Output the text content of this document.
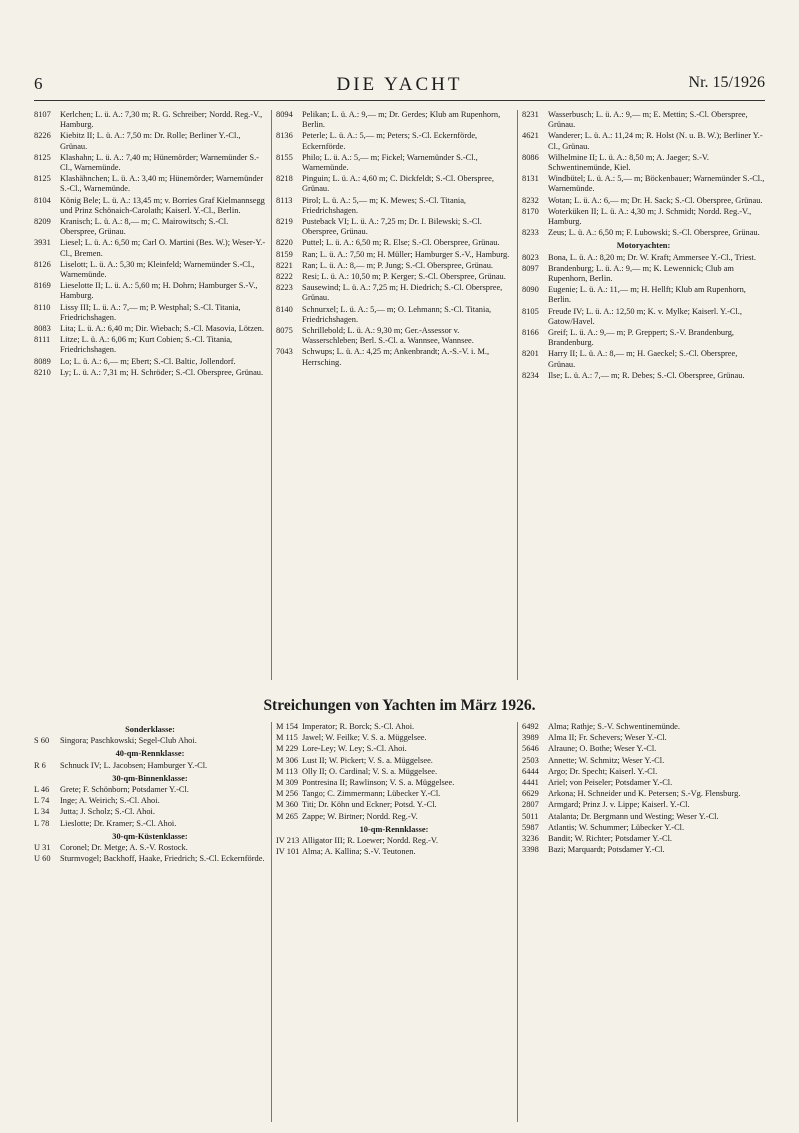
6	DIE YACHT	Nr. 15/1926
8107 Kerlchen; L. ü. A.: 7,30 m; R. G. Schreiber; Nordd. Reg.-V., Hamburg.
8226 Kiebitz II; L. ü. A.: 7,50 m: Dr. Rolle; Berliner Y.-Cl., Grünau.
8125 Klashahn; L. ü. A.: 7,40 m; Hünemörder; Warnemünder S.-Cl., Warnemünde.
8125 Klashähnchen; L. ü. A.: 3,40 m; Hünemörder; Warnemünder S.-Cl., Warnemünde.
8104 König Bele; L. ü. A.: 13,45 m; v. Borries Graf Kielmannsegg und Prinz Schönaich-Carolath; Kaiserl. Y.-Cl., Berlin.
8209 Kranisch; L. ü. A.: 8,— m; C. Mairowitsch; S.-Cl. Oberspree, Grünau.
3931 Liesel; L. ü. A.: 6,50 m; Carl O. Martini (Bes. W.); Weser-Y.-Cl., Bremen.
8126 Liselott; L. ü. A.: 5,30 m; Kleinfeld; Warnemünder S.-Cl., Warnemünde.
8169 Lieselotte II; L. ü. A.: 5,60 m; H. Dohrn; Hamburger S.-V., Hamburg.
8110 Lissy III; L. ü. A.: 7,— m; P. Westphal; S.-Cl. Titania, Friedrichshagen.
8083 Lita; L. ü. A.: 6,40 m; Dir. Wiebach; S.-Cl. Masovia, Lötzen.
8111 Litze; L. ü. A.: 6,06 m; Kurt Cobien; S.-Cl. Titania, Friedrichshagen.
8089 Lo; L. ü. A.: 6,— m; Ebert; S.-Cl. Baltic, Jollendorf.
8210 Ly; L. ü. A.: 7,31 m; H. Schröder; S.-Cl. Oberspree, Grünau.
8094 Pelikan; L. ü. A.: 9,— m; Dr. Gerdes; Klub am Rupenhorn, Berlin.
8136 Peterle; L. ü. A.: 5,— m; Peters; S.-Cl. Eckernförde, Eckernförde.
8155 Philo; L. ü. A.: 5,— m; Fickel; Warnemünder S.-Cl., Warnemünde.
8218 Pinguin; L. ü. A.: 4,60 m; C. Dickfeldt; S.-Cl. Oberspree, Grünau.
8113 Pirol; L. ü. A.: 5,— m; K. Mewes; S.-Cl. Titania, Friedrichshagen.
8219 Pusteback VI; L. ü. A.: 7,25 m; Dr. I. Bilewski; S.-Cl. Oberspree, Grünau.
8220 Puttel; L. ü. A.: 6,50 m; R. Else; S.-Cl. Oberspree, Grünau.
8159 Ran; L. ü. A.: 7,50 m; H. Müller; Hamburger S.-V., Hamburg.
8221 Ran; L. ü. A.: 8,— m; P. Jung; S.-Cl. Oberspree, Grünau.
8222 Resi; L. ü. A.: 10,50 m; P. Kerger; S.-Cl. Oberspree, Grünau.
8223 Sausewind; L. ü. A.: 7,25 m; H. Diedrich; S.-Cl. Oberspree, Grünau.
8140 Schnurxel; L. ü. A.: 5,— m; O. Lehmann; S.-Cl. Titania, Friedrichshagen.
8075 Schrillebold; L. ü. A.: 9,30 m; Ger.-Assessor v. Wasserschleben; Berl. S.-Cl. a. Wannsee, Wannsee.
7043 Schwups; L. ü. A.: 4,25 m; Ankenbrandt; A.-S.-V. i. M., Herrsching.
8231 Wasserbusch; L. ü. A.: 9,— m; E. Mettin; S.-Cl. Oberspree, Grünau.
4621 Wanderer; L. ü. A.: 11,24 m; R. Holst (N. u. B. W.); Berliner Y.-Cl., Grünau.
8086 Wilhelmine II; L. ü. A.: 8,50 m; A. Jaeger; S.-V. Schwentinemünde, Kiel.
8131 Windbütel; L. ü. A.: 5,— m; Böckenbauer; Warnemünder S.-Cl., Warnemünde.
8232 Wotan; L. ü. A.: 6,— m; Dr. H. Sack; S.-Cl. Oberspree, Grünau.
8170 Woterküken II; L. ü. A.: 4,30 m; J. Schmidt; Nordd. Reg.-V., Hamburg.
8233 Zeus; L. ü. A.: 6,50 m; F. Lubowski; S.-Cl. Oberspree, Grünau.
Motoryachten:
8023 Bona, L. ü. A.: 8,20 m; Dr. W. Kraft; Ammersee Y.-Cl., Triest.
8097 Brandenburg; L. ü. A.: 9,— m; K. Lewennick; Club am Rupenhorn, Berlin.
8090 Eugenie; L. ü. A.: 11,— m; H. Hellft; Klub am Rupenhorn, Berlin.
8105 Freude IV; L. ü. A.: 12,50 m; K. v. Mylke; Kaiserl. Y.-Cl., Gatow/Havel.
8166 Greif; L. ü. A.: 9,— m; P. Greppert; S.-V. Brandenburg, Brandenburg.
8201 Harry II; L. ü. A.: 8,— m; H. Gaeckel; S.-Cl. Oberspree, Grünau.
8234 Ilse; L. ü. A.: 7,— m; R. Debes; S.-Cl. Oberspree, Grünau.
Streichungen von Yachten im März 1926.
Sonderklasse:
S 60 Singora; Paschkowski; Segel-Club Ahoi.
40-qm-Rennklasse:
R 6 Schnuck IV; L. Jacobsen; Hamburger Y.-Cl.
30-qm-Binnenklasse:
L 46 Grete; F. Schönborn; Potsdamer Y.-Cl.
L 74 Inge; A. Weirich; S.-Cl. Ahoi.
L 34 Jutta; J. Scholz; S.-Cl. Ahoi.
L 78 Lieslotte; Dr. Kramer; S.-Cl. Ahoi.
30-qm-Küstenklasse:
U 31 Coronel; Dr. Metge; A. S.-V. Rostock.
U 60 Sturmvogel; Backhoff, Haake, Friedrich; S.-Cl. Eckernförde.
M 154 Imperator; R. Borck; S.-Cl. Ahoi.
M 115 Jawel; W. Feilke; V. S. a. Müggelsee.
M 229 Lore-Ley; W. Ley; S.-Cl. Ahoi.
M 306 Lust II; W. Pickert; V. S. a. Müggelsee.
M 113 Olly II; O. Cardinal; V. S. a. Müggelsee.
M 309 Pontresina II; Rawlinson; V. S. a. Müggelsee.
M 256 Tango; C. Zimmermann; Lübecker Y.-Cl.
M 360 Titi; Dr. Köhn und Eckner; Potsd. Y.-Cl.
M 265 Zappe; W. Birtner; Nordd. Reg.-V.
10-qm-Rennklasse:
IV 213 Alligator III; R. Loewer; Nordd. Reg.-V.
IV 101 Alma; A. Kallina; S.-V. Teutonen.
6492 Alma; Rathje; S.-V. Schwentinemünde.
3989 Alma II; Fr. Schevers; Weser Y.-Cl.
5646 Alraune; O. Bothe; Weser Y.-Cl.
2503 Annette; W. Schmitz; Weser Y.-Cl.
6444 Argo; Dr. Specht; Kaiserl. Y.-Cl.
4441 Ariel; von Peiseler; Potsdamer Y.-Cl.
6629 Arkona; H. Schneider und K. Petersen; S.-Vg. Flensburg.
2807 Armgard; Prinz J. v. Lippe; Kaiserl. Y.-Cl.
5011 Atalanta; Dr. Bergmann und Westing; Weser Y.-Cl.
5987 Atlantis; W. Schummer; Lübecker Y.-Cl.
3236 Bandit; W. Richter; Potsdamer Y.-Cl.
3398 Bazi; Marquardt; Potsdamer Y.-Cl.
